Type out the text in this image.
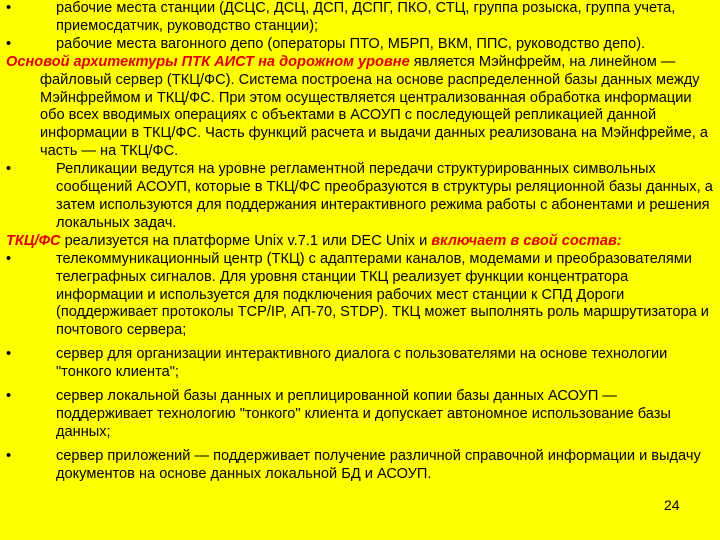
• рабочие места станции (ДСЦС, ДСЦ, ДСП, ДСПГ, ПКО, СТЦ, группа розыска, группа учета, приемосдатчик, руководство станции);

• рабочие места вагонного депо (операторы ПТО, МБРП, ВКМ, ППС, руководство депо).

Основой архитектуры ПТК АИСТ на дорожном уровне является Мэйнфрейм, на линейном — файловый сервер (ТКЦ/ФС). Система построена на основе распределенной базы данных между Мэйнфреймом и ТКЦ/ФС. При этом осуществляется централизованная обработка информации обо всех вводимых операциях с объектами в АСОУП с последующей репликацией данной информации в ТКЦ/ФС. Часть функций расчета и выдачи данных реализована на Мэйнфрейме, а часть — на ТКЦ/ФС.

• Репликации ведутся на уровне регламентной передачи структурированных символьных сообщений АСОУП, которые в ТКЦ/ФС преобразуются в структуры реляционной базы данных, а затем используются для поддержания интерактивного режима работы с абонентами и решения локальных задач.

ТКЦ/ФС реализуется на платформе Unix v.7.1 или DEC Unix и включает в свой состав:

• телекоммуникационный центр (ТКЦ) с адаптерами каналов, модемами и преобразователями телеграфных сигналов. Для уровня станции ТКЦ реализует функции концентратора информации и используется для подключения рабочих мест станции к СПД Дороги (поддерживает протоколы TCP/IP, АП‑70, STDP). ТКЦ может выполнять роль маршрутизатора и почтового сервера;

• сервер для организации интерактивного диалога с пользователями на основе технологии "тонкого клиента";

• сервер локальной базы данных и реплицированной копии базы данных АСОУП — поддерживает технологию "тонкого" клиента и допускает автономное использование базы данных;

• сервер приложений — поддерживает получение различной справочной информации и выдачу документов на основе данных локальной БД и АСОУП.

24
